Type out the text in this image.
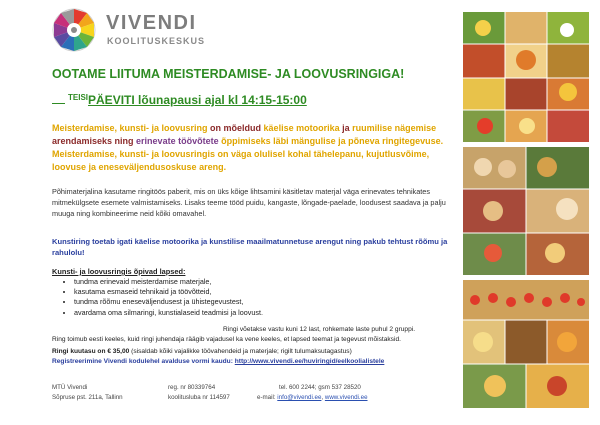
VIVENDI
KOOLITUSKESKUS
OOTAME LIITUMA MEISTERDAMISE- JA LOOVUSRINGIGA!
$^{TEISI}$PÄEVITI lõunapausi ajal kl 14:15-15:00
Meisterdamise, kunsti- ja loovusring on mõeldud käelise motoorika ja ruumilise nägemise arendamiseks ning erinevate töövõtete õppimiseks läbi mängulise ja põneva ringitegevuse. Meisterdamise, kunsti- ja loovusringis on väga olulisel kohal tähelepanu, kujutlusvõime, loovuse ja eneseväljendusoskuse areng.
Põhimaterjalina kasutame ringitöös paberit, mis on üks kõige lihtsamini käsitletav materjal väga erinevates tehnikates mitmekülgsete esemete valmistamiseks. Lisaks teeme tööd puidu, kangaste, lõngade-paelade, loodusest saadava ja palju muuga ning kombineerime neid kõiki omavahel.
Kunstiring toetab igati käelise motoorika ja kunstilise maailmatunnetuse arengut ning pakub tehtust rõõmu ja rahulolu!
Kunsti- ja loovusringis õpivad lapsed:
• tundma erinevaid meisterdamise materjale,
• kasutama esmaseid tehnikaid ja töövõtteid,
• tundma rõõmu eneseväljendusest ja ühistegevustest,
• avardama oma silmaringi, kunstialaseid teadmisi ja loovust.
Ringi võetakse vastu kuni 12 last, rohkemate laste puhul 2 gruppi.
Ring toimub eesti keeles, kuid ringi juhendaja räägib vajadusel ka vene keeles, et lapsed teemat ja tegevust mõistaksid.
Ringi kuutasu on € 35,00 (sisaldab kõiki vajalikke töövahendeid ja materjale; rigilt tulumaksutagastus)
Registreerimine Vivendi kodulehel avalduse vormi kaudu: http://www.vivendi.ee/huviringid/eelkoolialistele
MTÜ Vivendi
Sõpruse pst. 211a, Tallinn
reg. nr 80339764
koolitusluba nr 114597
tel. 600 2244; gsm 537 28520
e-mail: info@vivendi.ee, www.vivendi.ee
